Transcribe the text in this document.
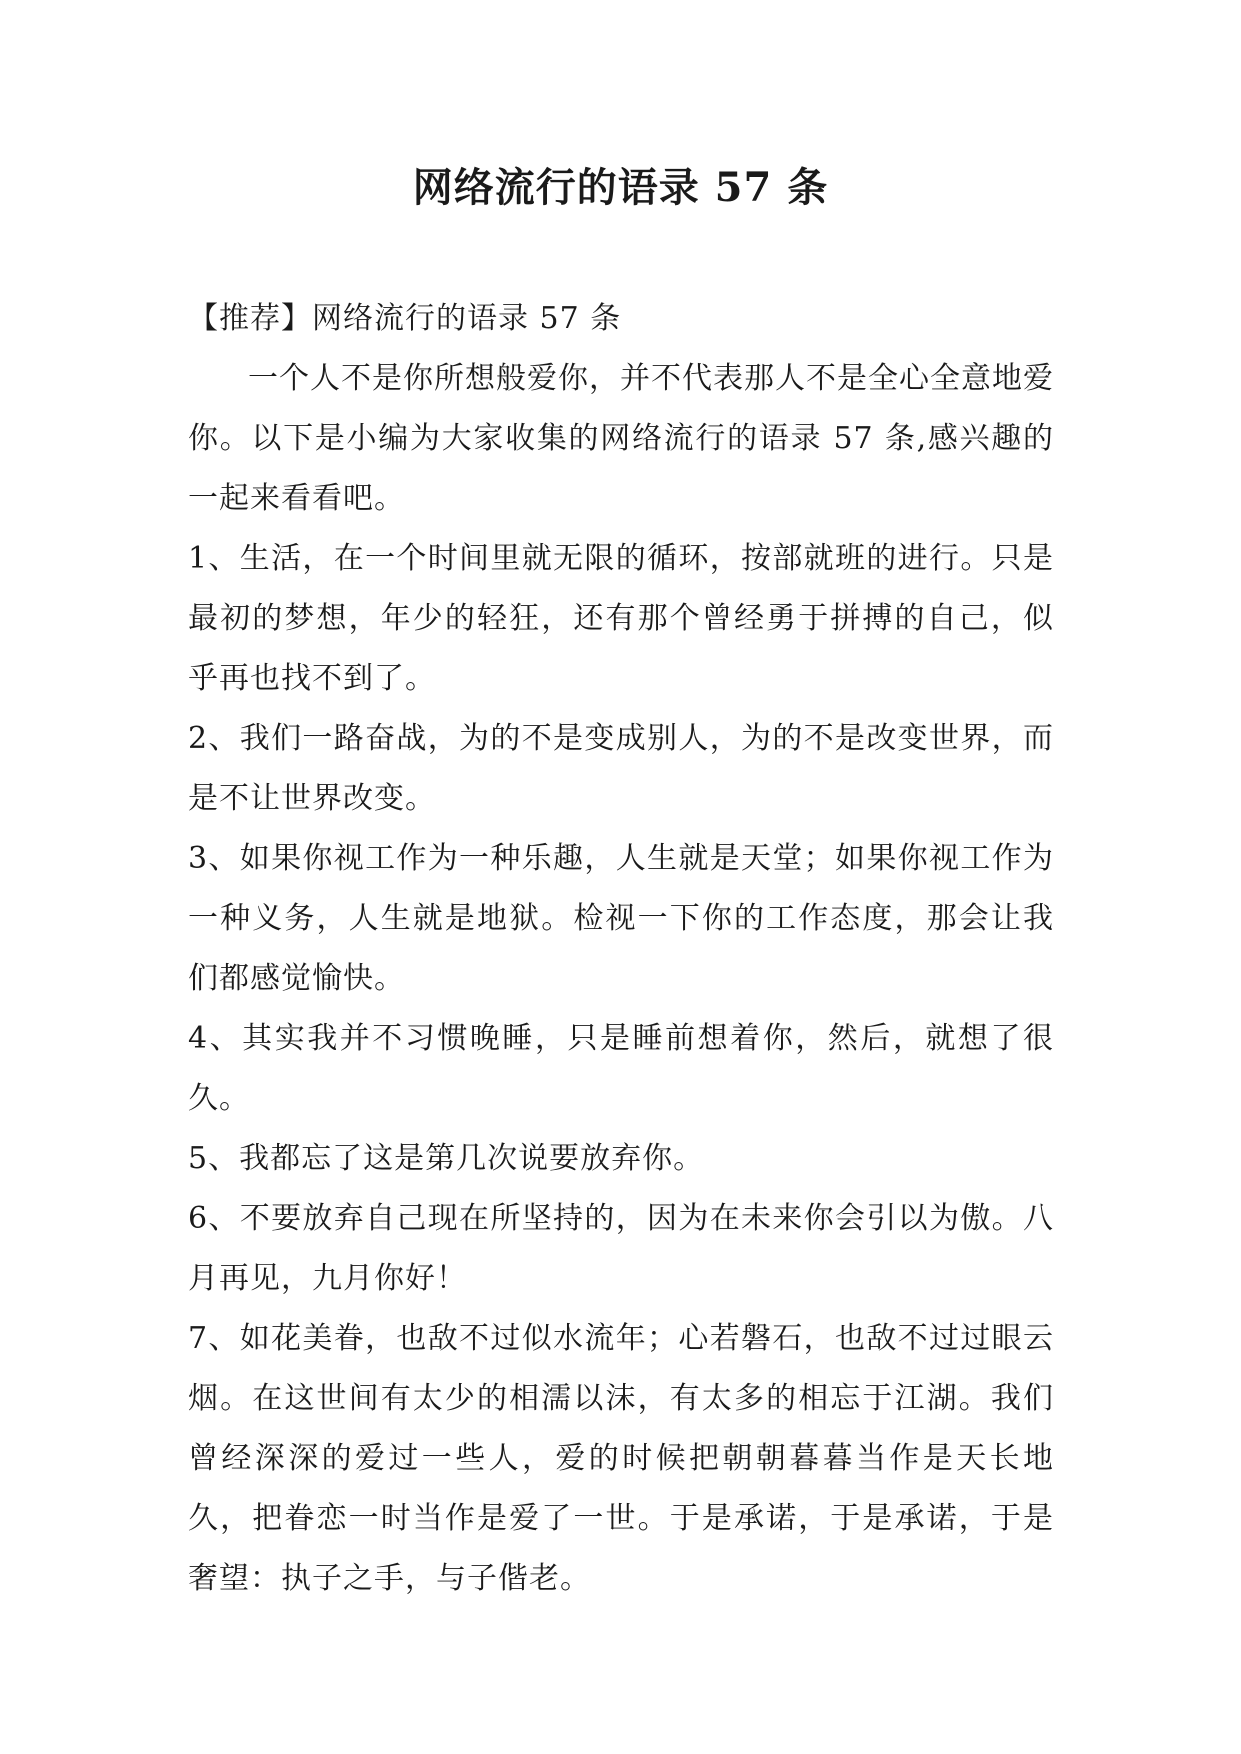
网络流行的语录 57 条

【推荐】网络流行的语录 57 条

一个人不是你所想般爱你，并不代表那人不是全心全意地爱你。以下是小编为大家收集的网络流行的语录 57 条,感兴趣的一起来看看吧。

1、生活，在一个时间里就无限的循环，按部就班的进行。只是最初的梦想，年少的轻狂，还有那个曾经勇于拼搏的自己，似乎再也找不到了。

2、我们一路奋战，为的不是变成别人，为的不是改变世界，而是不让世界改变。

3、如果你视工作为一种乐趣，人生就是天堂；如果你视工作为一种义务，人生就是地狱。检视一下你的工作态度，那会让我们都感觉愉快。

4、其实我并不习惯晚睡，只是睡前想着你，然后，就想了很久。

5、我都忘了这是第几次说要放弃你。

6、不要放弃自己现在所坚持的，因为在未来你会引以为傲。八月再见，九月你好！

7、如花美眷，也敌不过似水流年；心若磐石，也敌不过过眼云烟。在这世间有太少的相濡以沫，有太多的相忘于江湖。我们曾经深深的爱过一些人，爱的时候把朝朝暮暮当作是天长地久，把眷恋一时当作是爱了一世。于是承诺，于是承诺，于是奢望：执子之手，与子偕老。
